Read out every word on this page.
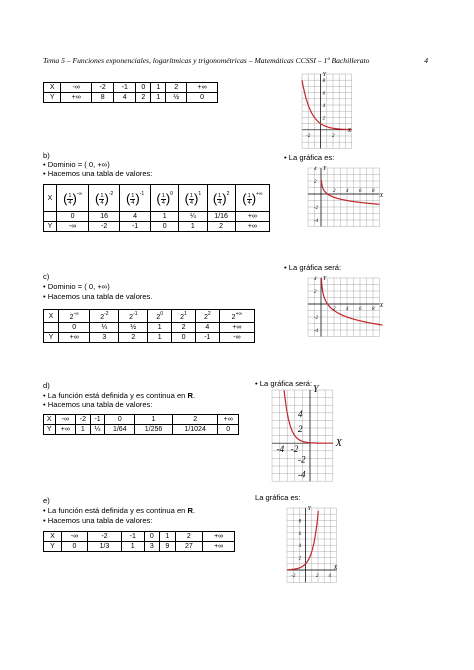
Tema 5 – Funciones exponenciales, logarítmicas y trigonométricas – Matemáticas CCSSI – 1º Bachillerato	4
X	-∞	-2	-1	0	1	2	+∞
Y	+∞	8	4	2	1	½	0
b)
• Dominio = ( 0, +∞)
• Hacemos una tabla de valores:
• La gráfica es:
X	( $\frac{1}{4}$ ) -∞	( $\frac{1}{4}$ ) $^{-2}$	( $\frac{1}{4}$ ) $^{-1}$	( $\frac{1}{4}$ ) $^0$	( $\frac{1}{4}$ ) $^1$	( $\frac{1}{4}$ ) $^2$	( $\frac{1}{4}$ ) +∞
	0	16	4	1	¼	1/16	+∞
Y	-∞	-2	-1	0	1	2	+∞
• La gráfica será:
c)
• Dominio = ( 0, +∞)
• Hacemos una tabla de valores.
X	2-∞	$2^{-2}$	$2^{-1}$	$2^0$	$2^1$	$2^2$	2+∞
	0	¼	½	1	2	4	+∞
Y	+∞	3	2	1	0	-1	-∞
• La gráfica será:
d)
• La función está definida y es continua en R.
• Hacemos una tabla de valores:
X	-∞	-2	-1	0	1	2	+∞
Y	+∞	1	¼	1/64	1/256	1/1024	0
La gráfica es:
e)
• La función está definida y es continua en R.
• Hacemos una tabla de valores:
X	-∞	-2	-1	0	1	2	+∞
Y	0	1/3	1	3	9	27	+∞
Y
X
8
6
4
2
-2	2
Y
X
4
2
-2
-4
2 4 6 8
Y
X
4
2
-2
-4
2 4 6 8
Y
X
4
2
-2
-4
-4 -2
Y
X
8
6
4
2
-2	2 4
